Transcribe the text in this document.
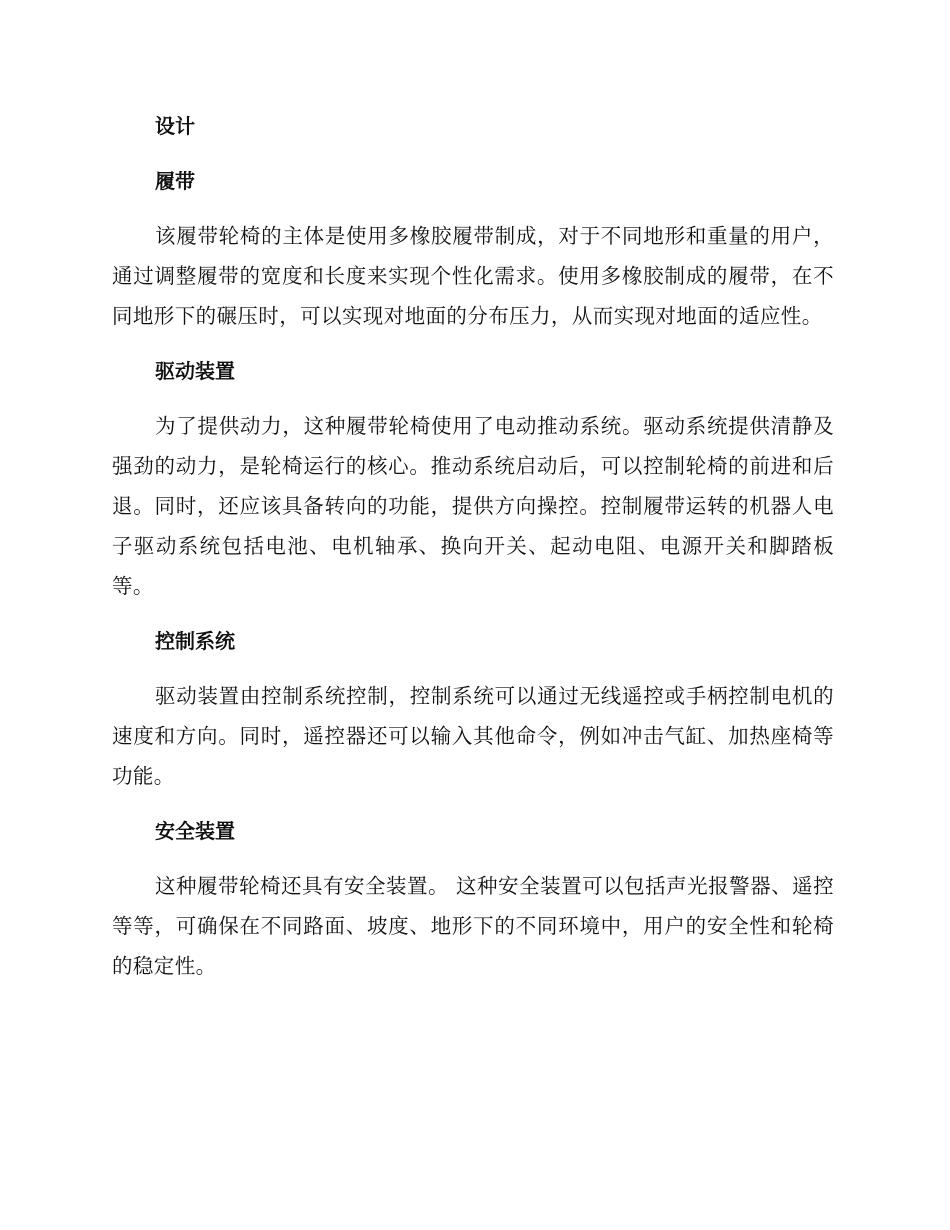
设计
履带

该履带轮椅的主体是使用多橡胶履带制成，对于不同地形和重量的用户，通过调整履带的宽度和长度来实现个性化需求。使用多橡胶制成的履带，在不同地形下的碾压时，可以实现对地面的分布压力，从而实现对地面的适应性。

驱动装置

为了提供动力，这种履带轮椅使用了电动推动系统。驱动系统提供清静及强劲的动力，是轮椅运行的核心。推动系统启动后，可以控制轮椅的前进和后退。同时，还应该具备转向的功能，提供方向操控。控制履带运转的机器人电子驱动系统包括电池、电机轴承、换向开关、起动电阻、电源开关和脚踏板等。

控制系统

驱动装置由控制系统控制，控制系统可以通过无线遥控或手柄控制电机的速度和方向。同时，遥控器还可以输入其他命令，例如冲击气缸、加热座椅等功能。

安全装置

这种履带轮椅还具有安全装置。 这种安全装置可以包括声光报警器、遥控等等，可确保在不同路面、坡度、地形下的不同环境中，用户的安全性和轮椅的稳定性。
